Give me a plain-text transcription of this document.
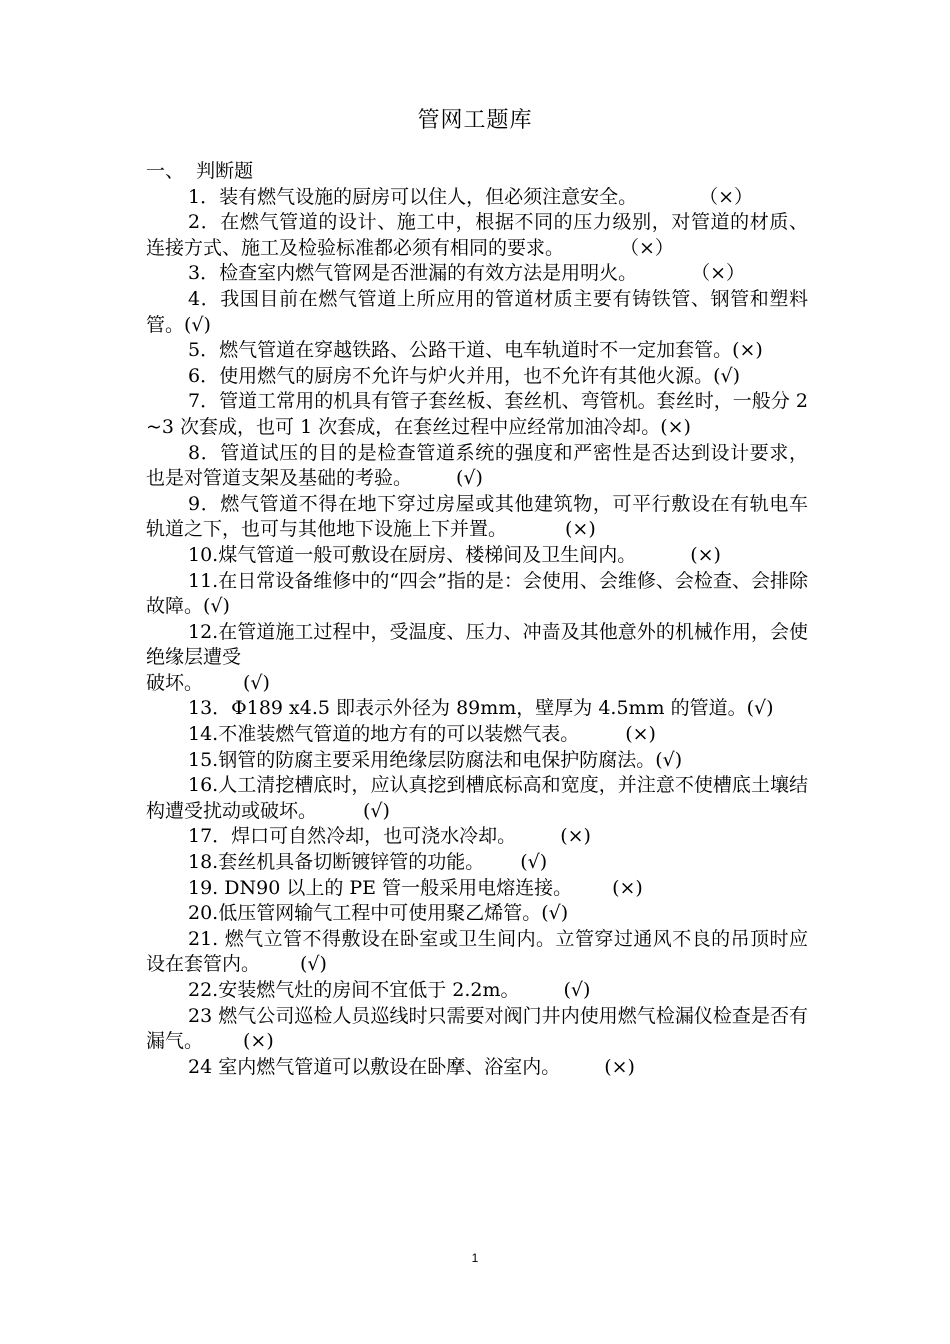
管网工题库

一、  判断题

1．装有燃气设施的厨房可以住人，但必须注意安全。	（×）

2．在燃气管道的设计、施工中，根据不同的压力级别，对管道的材质、连接方式、施工及检验标准都必须有相同的要求。	（×）

3．检查室内燃气管网是否泄漏的有效方法是用明火。	（×）

4．我国目前在燃气管道上所应用的管道材质主要有铸铁管、钢管和塑料管。(√)

5．燃气管道在穿越铁路、公路干道、电车轨道时不一定加套管。(×)

6．使用燃气的厨房不允许与炉火并用，也不允许有其他火源。(√)

7．管道工常用的机具有管子套丝板、套丝机、弯管机。套丝时，一般分 2~3 次套成，也可 1 次套成，在套丝过程中应经常加油冷却。(×)

8．管道试压的目的是检查管道系统的强度和严密性是否达到设计要求，也是对管道支架及基础的考验。 (√)

9．燃气管道不得在地下穿过房屋或其他建筑物，可平行敷设在有轨电车轨道之下，也可与其他地下设施上下并置。	(×)

10.煤气管道一般可敷设在厨房、楼梯间及卫生间内。	(×)

11.在日常设备维修中的“四会”指的是：会使用、会维修、会检查、会排除故障。(√)

12.在管道施工过程中，受温度、压力、冲啬及其他意外的机械作用，会使绝缘层遭受
破坏。 (√)

13．Φ189 x4.5 即表示外径为 89mm，壁厚为 4.5mm 的管道。(√)

14.不准装燃气管道的地方有的可以装燃气表。 (×)

15.钢管的防腐主要采用绝缘层防腐法和电保护防腐法。(√)

16.人工清挖槽底时，应认真挖到槽底标高和宽度，并注意不使槽底土壤结构遭受扰动或破坏。 (√)

17．焊口可自然冷却，也可浇水冷却。 (×)

18.套丝机具备切断镀锌管的功能。 (√)

19. DN90 以上的 PE 管一般采用电熔连接。 (×)

20.低压管网输气工程中可使用聚乙烯管。(√)

21. 燃气立管不得敷设在卧室或卫生间内。立管穿过通风不良的吊顶时应设在套管内。 (√)

22.安装燃气灶的房间不宜低于 2.2m。 (√)

23 燃气公司巡检人员巡线时只需要对阀门井内使用燃气检漏仪检查是否有漏气。 (×)

24 室内燃气管道可以敷设在卧摩、浴室内。 (×)

1
